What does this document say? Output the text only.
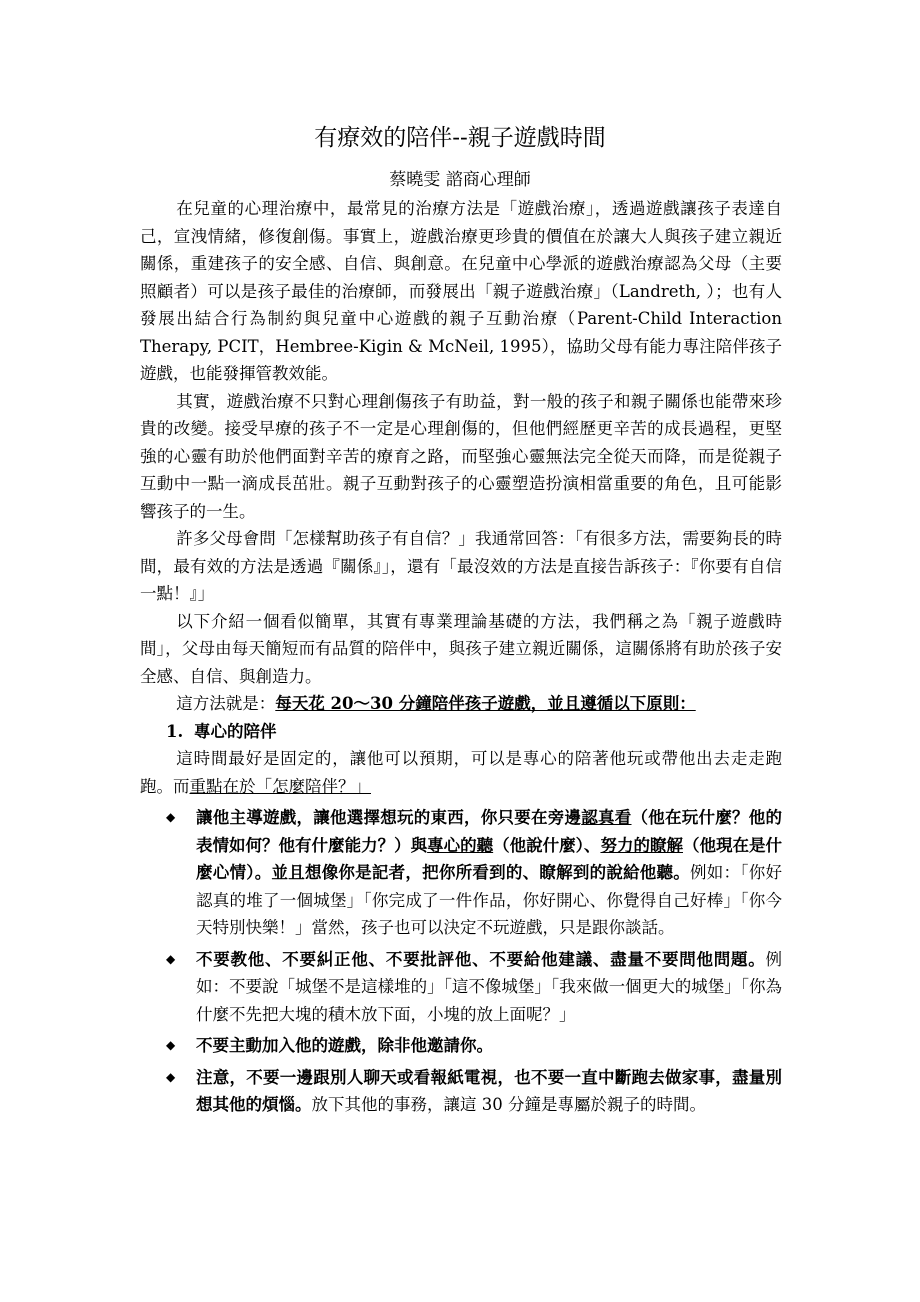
有療效的陪伴--親子遊戲時間
蔡曉雯 諮商心理師

在兒童的心理治療中，最常見的治療方法是「遊戲治療」，透過遊戲讓孩子表達自己，宣洩情緒，修復創傷。事實上，遊戲治療更珍貴的價值在於讓大人與孩子建立親近關係，重建孩子的安全感、自信、與創意。在兒童中心學派的遊戲治療認為父母（主要照顧者）可以是孩子最佳的治療師，而發展出「親子遊戲治療」（Landreth, ）；也有人發展出結合行為制約與兒童中心遊戲的親子互動治療（Parent-Child Interaction Therapy, PCIT，Hembree-Kigin & McNeil, 1995），協助父母有能力專注陪伴孩子遊戲，也能發揮管教效能。

其實，遊戲治療不只對心理創傷孩子有助益，對一般的孩子和親子關係也能帶來珍貴的改變。接受早療的孩子不一定是心理創傷的，但他們經歷更辛苦的成長過程，更堅強的心靈有助於他們面對辛苦的療育之路，而堅強心靈無法完全從天而降，而是從親子互動中一點一滴成長茁壯。親子互動對孩子的心靈塑造扮演相當重要的角色，且可能影響孩子的一生。

許多父母會問「怎樣幫助孩子有自信？」我通常回答：「有很多方法，需要夠長的時間，最有效的方法是透過『關係』」，還有「最沒效的方法是直接告訴孩子：『你要有自信一點！』」

以下介紹一個看似簡單，其實有專業理論基礎的方法，我們稱之為「親子遊戲時間」，父母由每天簡短而有品質的陪伴中，與孩子建立親近關係，這關係將有助於孩子安全感、自信、與創造力。

這方法就是：每天花 20～30 分鐘陪伴孩子遊戲，並且遵循以下原則：

1. 專心的陪伴

這時間最好是固定的，讓他可以預期，可以是專心的陪著他玩或帶他出去走走跑跑。而重點在於「怎麼陪伴？」

◆ 讓他主導遊戲，讓他選擇想玩的東西，你只要在旁邊認真看（他在玩什麼？他的表情如何？他有什麼能力？）與專心的聽（他說什麼）、努力的瞭解（他現在是什麼心情）。並且想像你是記者，把你所看到的、瞭解到的說給他聽。例如：「你好認真的堆了一個城堡」「你完成了一件作品，你好開心、你覺得自己好棒」「你今天特別快樂！」當然，孩子也可以決定不玩遊戲，只是跟你談話。
◆ 不要教他、不要糾正他、不要批評他、不要給他建議、盡量不要問他問題。例如：不要說「城堡不是這樣堆的」「這不像城堡」「我來做一個更大的城堡」「你為什麼不先把大塊的積木放下面，小塊的放上面呢？」
◆ 不要主動加入他的遊戲，除非他邀請你。
◆ 注意，不要一邊跟別人聊天或看報紙電視，也不要一直中斷跑去做家事，盡量別想其他的煩惱。放下其他的事務，讓這 30 分鐘是專屬於親子的時間。
